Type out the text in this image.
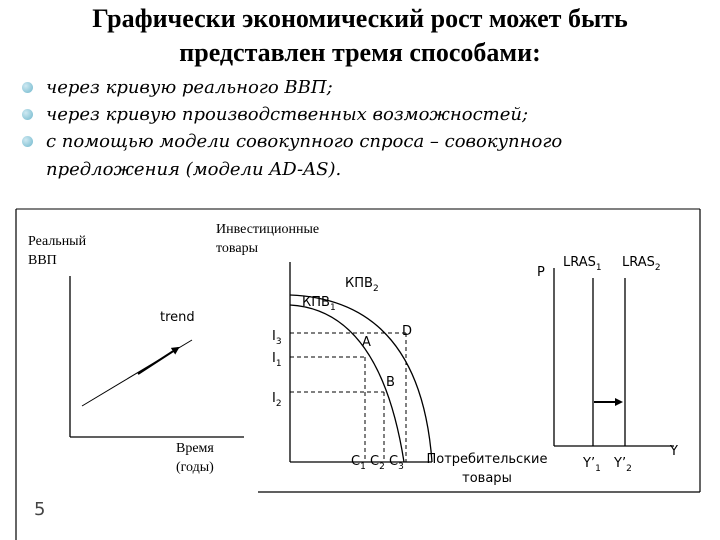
Графически экономический рост может быть
представлен тремя способами:
через кривую реального ВВП;
через кривую производственных возможностей;
с помощью модели совокупного спроса – совокупного
предложения (модели AD-AS).
Реальный
ВВП
trend
Время
(годы)
Инвестиционные
товары
$КПВ_2$
$КПВ_1$
$I_3$
$I_1$
$I_2$
A
D
B
$C_1$ $C_2$ $C_3$ Потребительские
товары
P
$LRAS_1$ $LRAS_2$
$Y’_1$ $Y’_2$
Y
5
